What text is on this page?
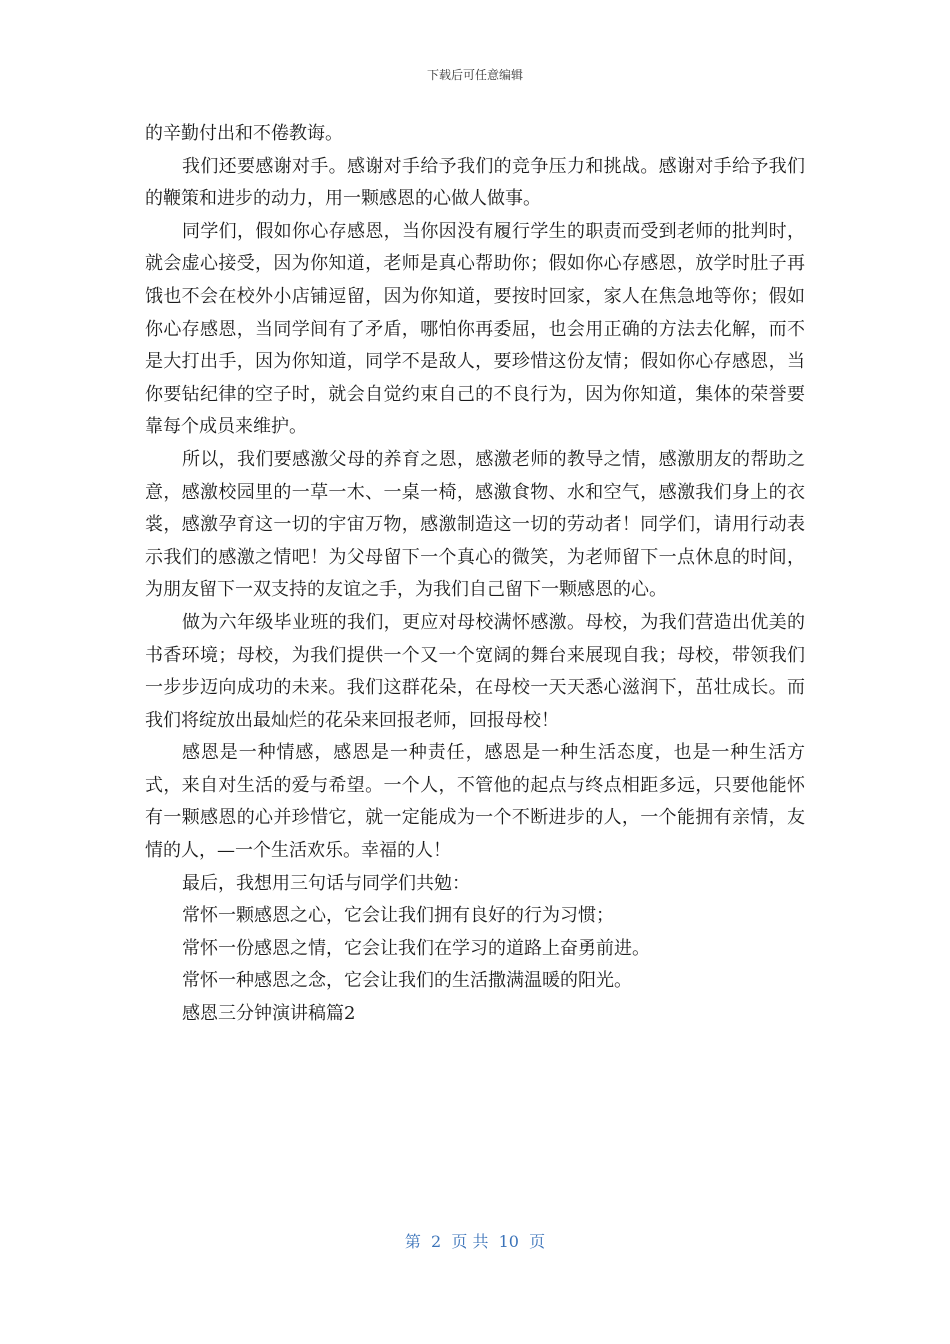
下载后可任意编辑

的辛勤付出和不倦教诲。

我们还要感谢对手。感谢对手给予我们的竞争压力和挑战。感谢对手给予我们的鞭策和进步的动力，用一颗感恩的心做人做事。

同学们，假如你心存感恩，当你因没有履行学生的职责而受到老师的批判时，就会虚心接受，因为你知道，老师是真心帮助你；假如你心存感恩，放学时肚子再饿也不会在校外小店铺逗留，因为你知道，要按时回家，家人在焦急地等你；假如你心存感恩，当同学间有了矛盾，哪怕你再委屈，也会用正确的方法去化解，而不是大打出手，因为你知道，同学不是敌人，要珍惜这份友情；假如你心存感恩，当你要钻纪律的空子时，就会自觉约束自己的不良行为，因为你知道，集体的荣誉要靠每个成员来维护。

所以，我们要感激父母的养育之恩，感激老师的教导之情，感激朋友的帮助之意，感激校园里的一草一木、一桌一椅，感激食物、水和空气，感激我们身上的衣裳，感激孕育这一切的宇宙万物，感激制造这一切的劳动者！同学们，请用行动表示我们的感激之情吧！为父母留下一个真心的微笑，为老师留下一点休息的时间，为朋友留下一双支持的友谊之手，为我们自己留下一颗感恩的心。

做为六年级毕业班的我们，更应对母校满怀感激。母校，为我们营造出优美的书香环境；母校，为我们提供一个又一个宽阔的舞台来展现自我；母校，带领我们一步步迈向成功的未来。我们这群花朵，在母校一天天悉心滋润下，茁壮成长。而我们将绽放出最灿烂的花朵来回报老师，回报母校！

感恩是一种情感，感恩是一种责任，感恩是一种生活态度，也是一种生活方式，来自对生活的爱与希望。一个人，不管他的起点与终点相距多远，只要他能怀有一颗感恩的心并珍惜它，就一定能成为一个不断进步的人，一个能拥有亲情，友情的人，—一个生活欢乐。幸福的人！

最后，我想用三句话与同学们共勉：

常怀一颗感恩之心，它会让我们拥有良好的行为习惯；

常怀一份感恩之情，它会让我们在学习的道路上奋勇前进。

常怀一种感恩之念，它会让我们的生活撒满温暖的阳光。

感恩三分钟演讲稿篇2

第  2  页 共  10  页
